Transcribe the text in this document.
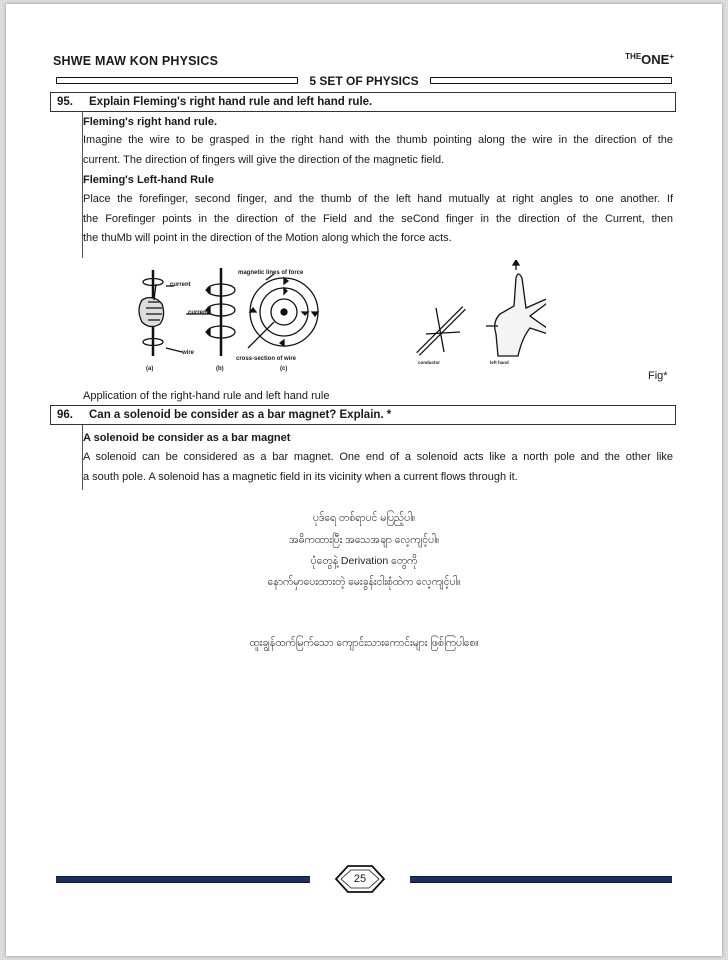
SHWE MAW KON PHYSICS	$^{THE}$ONE+
5 SET OF PHYSICS
95. Explain Fleming's right hand rule and left hand rule.
Fleming's right hand rule.
Imagine the wire to be grasped in the right hand with the thumb pointing along the wire in the direction of the
current. The direction of fingers will give the direction of the magnetic field.
Fleming's Left-hand Rule
Place the forefinger, second finger, and the thumb of the left hand mutually at right angles to one another. If
the Forefinger points in the direction of the Field and the seCond finger in the direction of the Current, then
the thuMb will point in the direction of the Motion along which the force acts.
current
current
wire
magnetic lines of force
cross-section of wire
(a)	(b)	(c)
conductor	left hand
Fig*
Application of the right-hand rule and left hand rule
96. Can a solenoid be consider as a bar magnet? Explain. *
A solenoid be consider as a bar magnet
A solenoid can be considered as a bar magnet. One end of a solenoid acts like a north pole and the other like
a south pole. A solenoid has a magnetic field in its vicinity when a current flows through it.
ပုဒ်ရေ တစ်ရာပင် မပြည့်ပါ။
အဓိကထားပြီး အသေအချာ လေ့ကျင့်ပါ။
ပုံတွေနဲ့ Derivation တွေကို
နောက်မှာပေးထားတဲ့ မေးခွန်းငါးစုံထဲက လေ့ကျင့်ပါ။
ထူးချွန်ထက်မြက်သော ကျောင်းသားကောင်းများ ဖြစ်ကြပါစေ။
25
